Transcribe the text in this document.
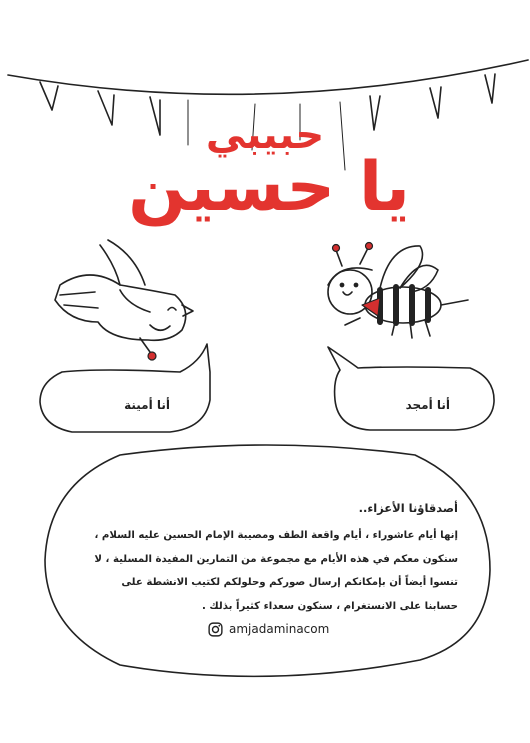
حبيبي
يا حسين
أنا أمجد
أنا أمينة

أصدقاؤنا الأعزاء..

إنها أيام عاشوراء ، أيام واقعة الطف ومصيبة الإمام الحسين عليه السلام ، سنكون معكم في هذه الأيام مع مجموعة من التمارين المفيدة المسلية ، لا تنسوا أيضاً أن بإمكانكم إرسال صوركم وحلولكم لكتيب الانشطة على حسابنا على الانستغرام ، سنكون سعداء كثيراً بذلك .

amjadaminacom
